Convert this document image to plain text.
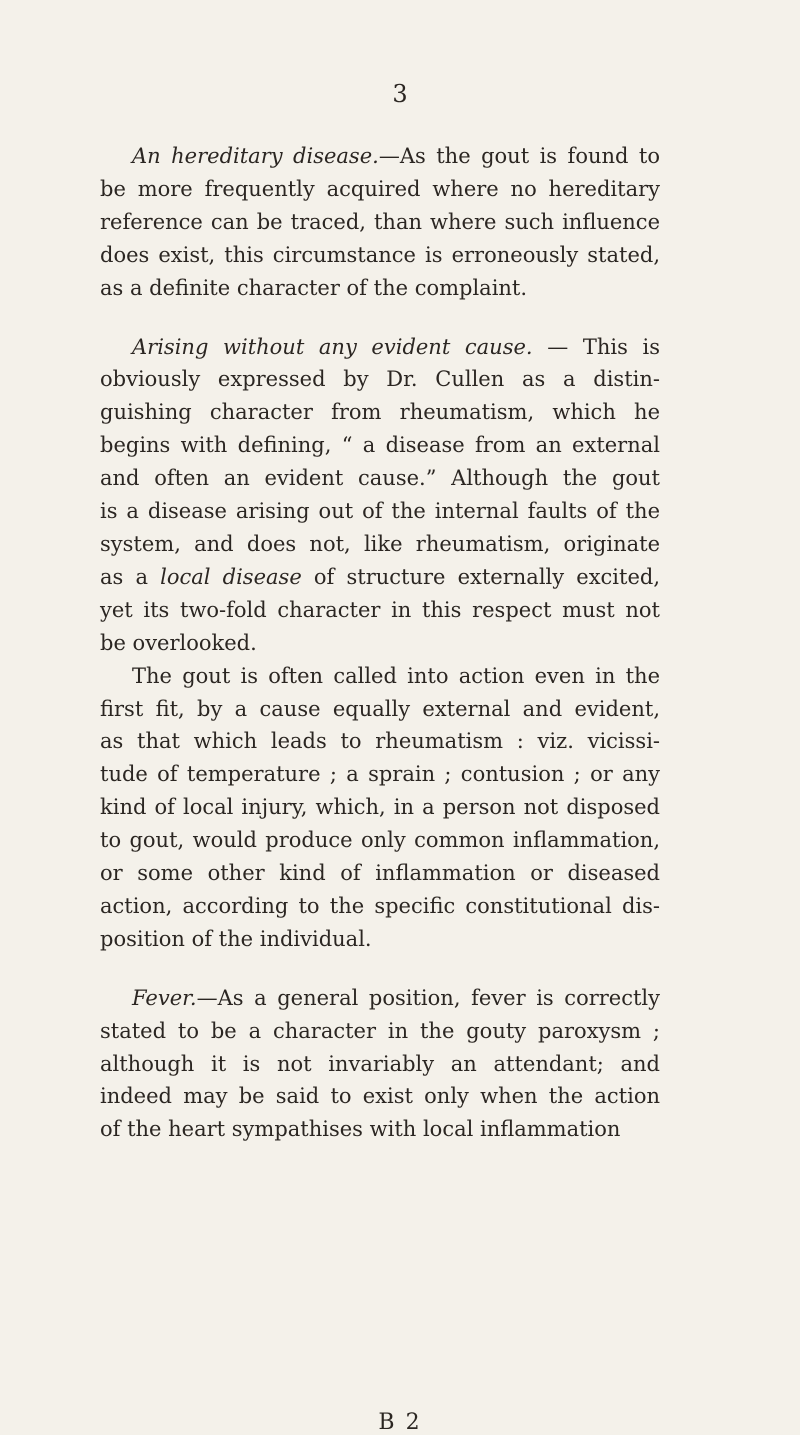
3
An hereditary disease.—As the gout is found to
be more frequently acquired where no hereditary
reference can be traced, than where such influence
does exist, this circumstance is erroneously stated,
as a definite character of the complaint.
Arising without any evident cause. — This is
obviously expressed by Dr. Cullen as a distin-
guishing character from rheumatism, which he
begins with defining, “ a disease from an external
and often an evident cause.” Although the gout
is a disease arising out of the internal faults of the
system, and does not, like rheumatism, originate
as a local disease of structure externally excited,
yet its two-fold character in this respect must not
be overlooked.
The gout is often called into action even in the
first fit, by a cause equally external and evident,
as that which leads to rheumatism : viz. vicissi-
tude of temperature ; a sprain ; contusion ; or any
kind of local injury, which, in a person not disposed
to gout, would produce only common inflammation,
or some other kind of inflammation or diseased
action, according to the specific constitutional dis-
position of the individual.
Fever.—As a general position, fever is correctly
stated to be a character in the gouty paroxysm ;
although it is not invariably an attendant; and
indeed may be said to exist only when the action
of the heart sympathises with local inflammation
B 2
